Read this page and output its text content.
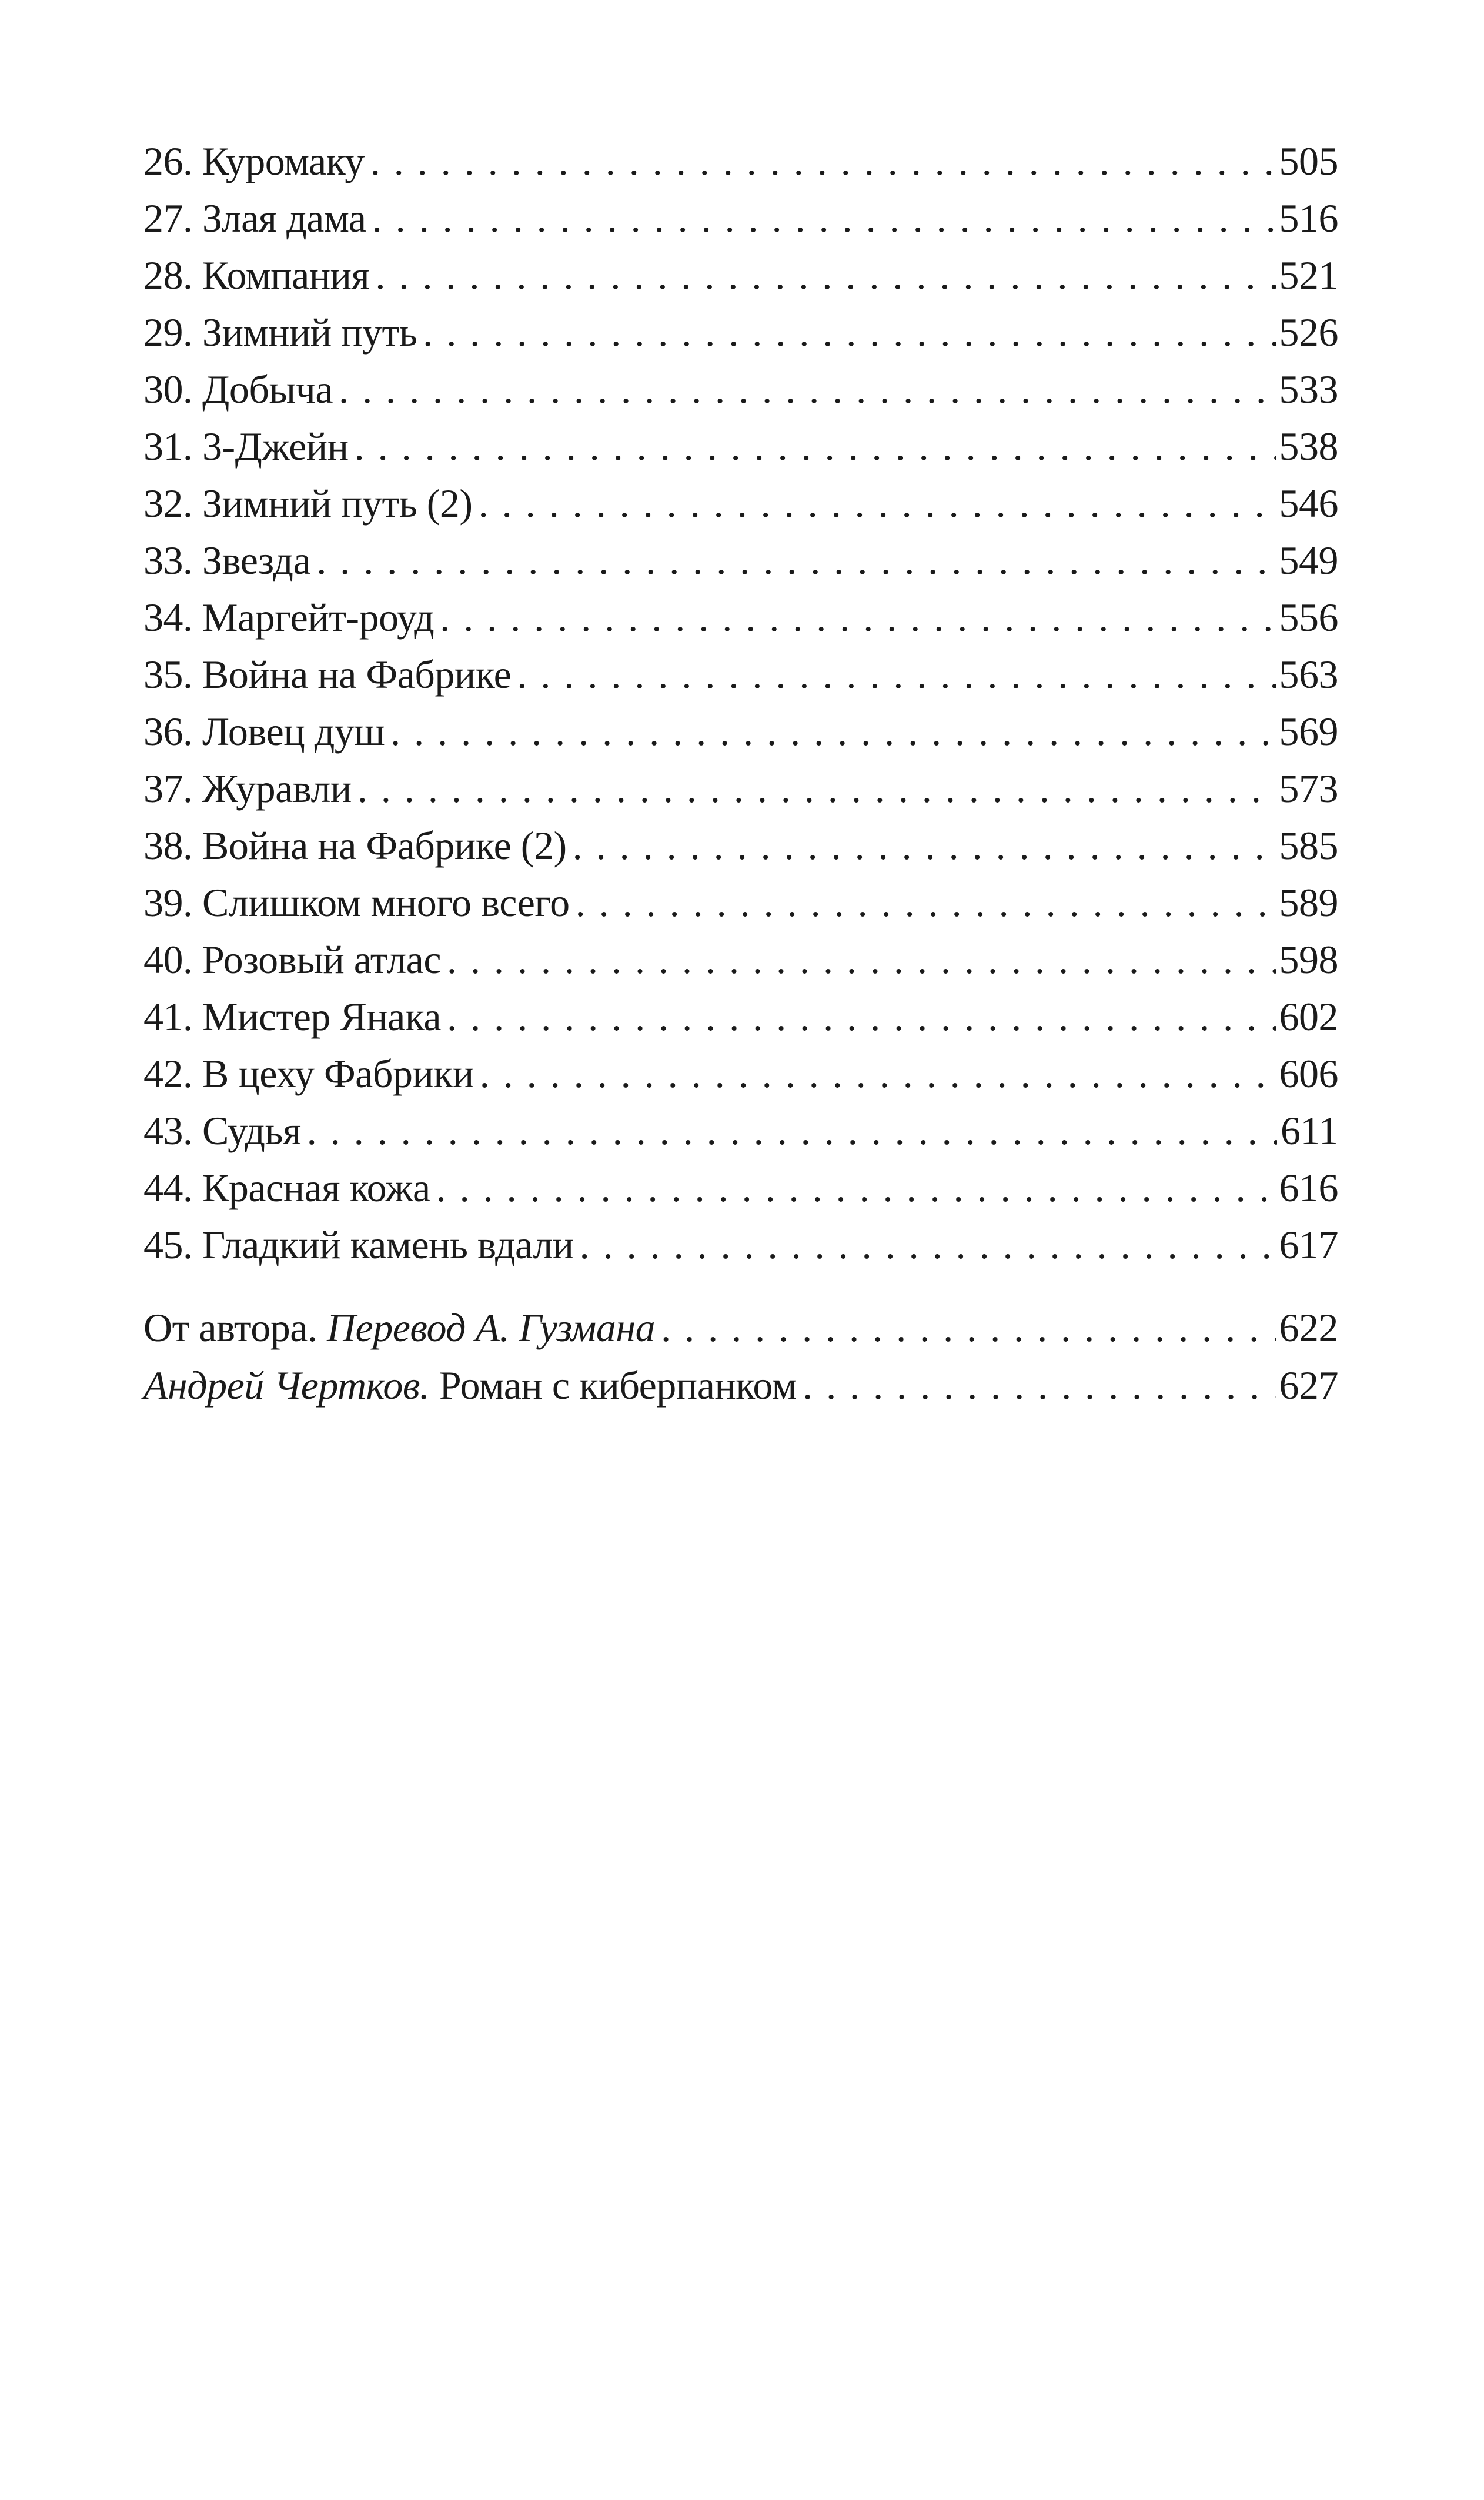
26. Куромаку . . .	505
27. Злая дама . . .	516
28. Компания . . .	521
29. Зимний путь . . .	526
30. Добыча . . .	533
31. 3-Джейн . . .	538
32. Зимний путь (2) . . .	546
33. Звезда . . .	549
34. Маргейт-роуд . . .	556
35. Война на Фабрике . . .	563
36. Ловец душ . . .	569
37. Журавли . . .	573
38. Война на Фабрике (2) . . .	585
39. Слишком много всего . . .	589
40. Розовый атлас . . .	598
41. Мистер Янака . . .	602
42. В цеху Фабрики . . .	606
43. Судья . . .	611
44. Красная кожа . . .	616
45. Гладкий камень вдали . . .	617
От автора. Перевод А. Гузмана . . .	622
Андрей Чертков. Роман с киберпанком . . .	627
